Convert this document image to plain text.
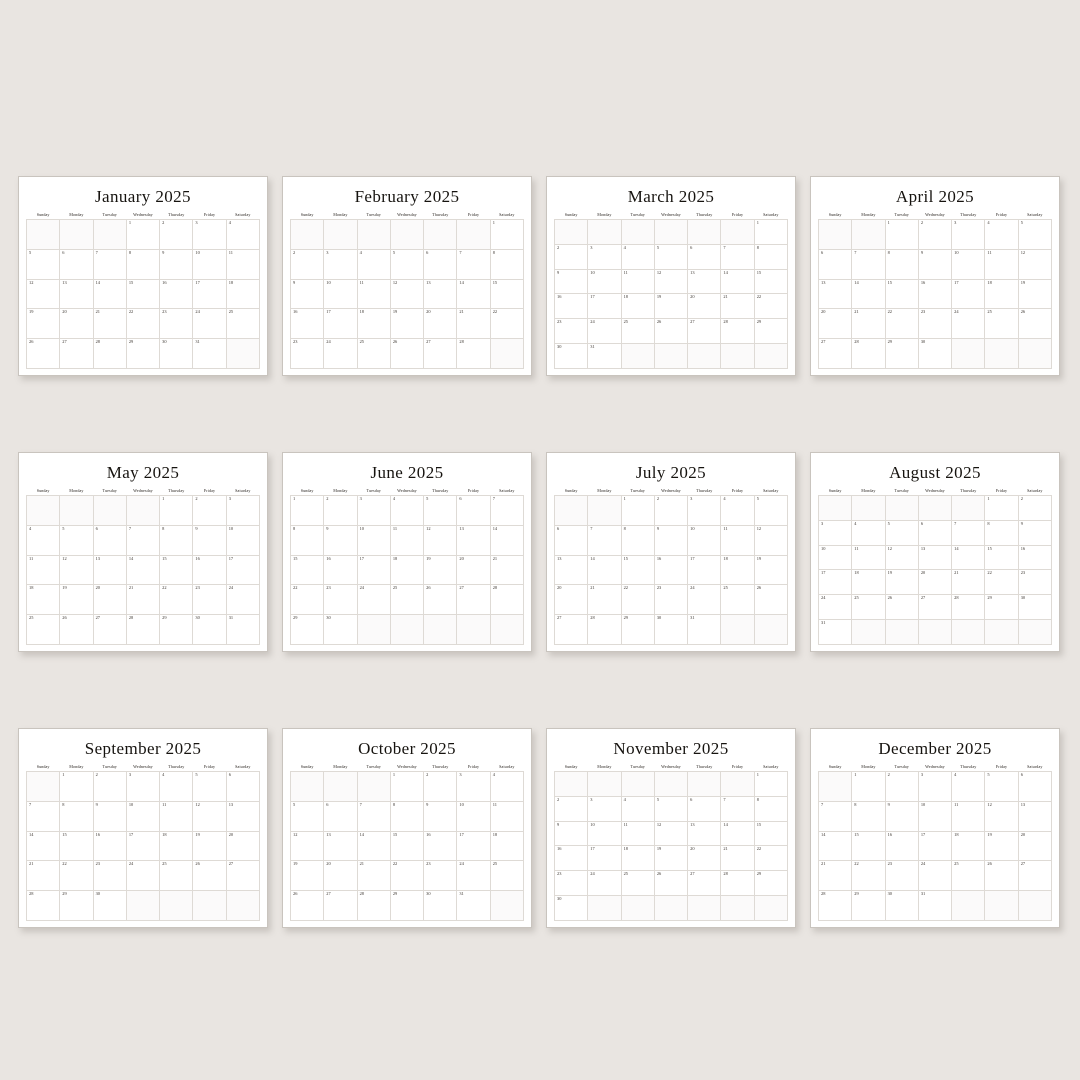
January 2025
Sunday	Monday	Tuesday	Wednesday	Thursday	Friday	Saturday

			1	2	3	4

5	6	7	8	9	10	11

12	13	14	15	16	17	18

19	20	21	22	23	24	25

26	27	28	29	30	31	

February 2025
Sunday	Monday	Tuesday	Wednesday	Thursday	Friday	Saturday

						1

2	3	4	5	6	7	8

9	10	11	12	13	14	15

16	17	18	19	20	21	22

23	24	25	26	27	28	

March 2025
Sunday	Monday	Tuesday	Wednesday	Thursday	Friday	Saturday

						1

2	3	4	5	6	7	8

9	10	11	12	13	14	15

16	17	18	19	20	21	22

23	24	25	26	27	28	29

30	31					

April 2025
Sunday	Monday	Tuesday	Wednesday	Thursday	Friday	Saturday

		1	2	3	4	5

6	7	8	9	10	11	12

13	14	15	16	17	18	19

20	21	22	23	24	25	26

27	28	29	30			

May 2025
Sunday	Monday	Tuesday	Wednesday	Thursday	Friday	Saturday

				1	2	3

4	5	6	7	8	9	10

11	12	13	14	15	16	17

18	19	20	21	22	23	24

25	26	27	28	29	30	31
June 2025
Sunday	Monday	Tuesday	Wednesday	Thursday	Friday	Saturday

1	2	3	4	5	6	7

8	9	10	11	12	13	14

15	16	17	18	19	20	21

22	23	24	25	26	27	28

29	30					

July 2025
Sunday	Monday	Tuesday	Wednesday	Thursday	Friday	Saturday

		1	2	3	4	5

6	7	8	9	10	11	12

13	14	15	16	17	18	19

20	21	22	23	24	25	26

27	28	29	30	31		

August 2025
Sunday	Monday	Tuesday	Wednesday	Thursday	Friday	Saturday

					1	2

3	4	5	6	7	8	9

10	11	12	13	14	15	16

17	18	19	20	21	22	23

24	25	26	27	28	29	30

31						

September 2025
Sunday	Monday	Tuesday	Wednesday	Thursday	Friday	Saturday

	1	2	3	4	5	6

7	8	9	10	11	12	13

14	15	16	17	18	19	20

21	22	23	24	25	26	27

28	29	30				

October 2025
Sunday	Monday	Tuesday	Wednesday	Thursday	Friday	Saturday

			1	2	3	4

5	6	7	8	9	10	11

12	13	14	15	16	17	18

19	20	21	22	23	24	25

26	27	28	29	30	31	

November 2025
Sunday	Monday	Tuesday	Wednesday	Thursday	Friday	Saturday

						1

2	3	4	5	6	7	8

9	10	11	12	13	14	15

16	17	18	19	20	21	22

23	24	25	26	27	28	29

30						

December 2025
Sunday	Monday	Tuesday	Wednesday	Thursday	Friday	Saturday

	1	2	3	4	5	6

7	8	9	10	11	12	13

14	15	16	17	18	19	20

21	22	23	24	25	26	27

28	29	30	31			
